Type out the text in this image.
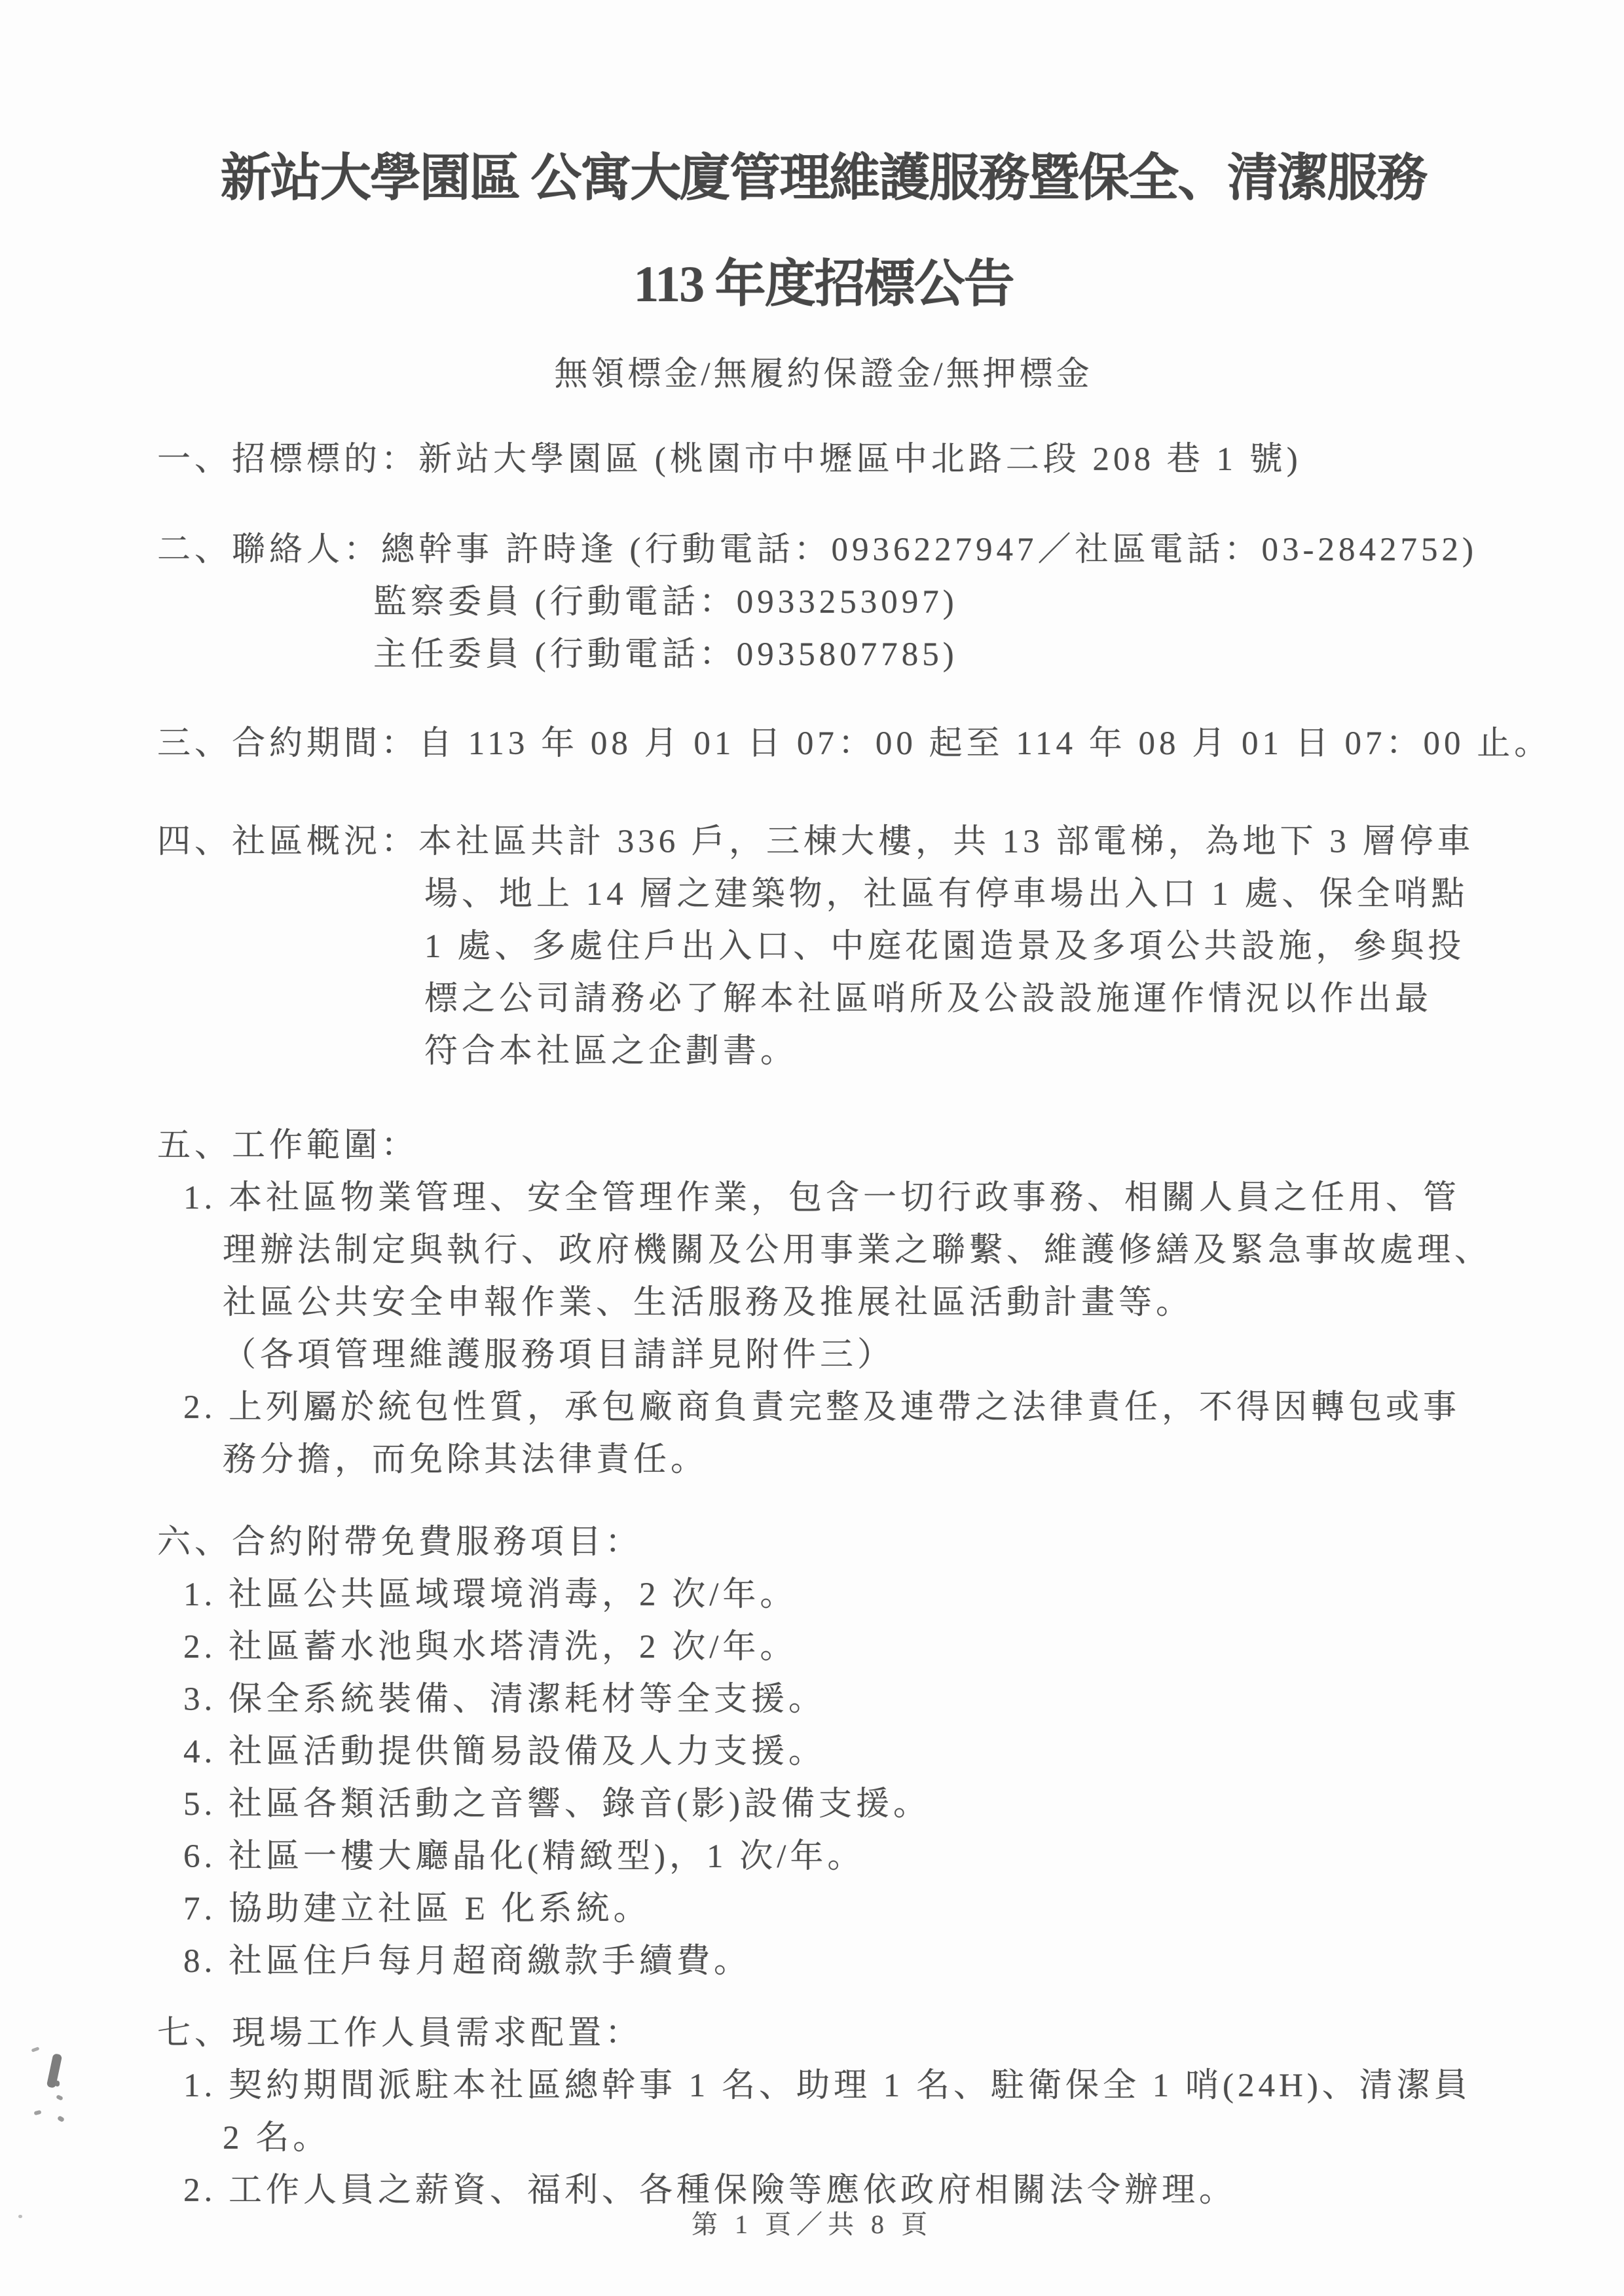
新站大學園區 公寓大廈管理維護服務暨保全、清潔服務
113 年度招標公告
無領標金/無履約保證金/無押標金
一、招標標的：新站大學園區 (桃園市中壢區中北路二段 208 巷 1 號)
二、聯絡人：總幹事 許時逢 (行動電話：0936227947／社區電話：03-2842752)
監察委員 (行動電話：0933253097)
主任委員 (行動電話：0935807785)
三、合約期間：自 113 年 08 月 01 日 07：00 起至 114 年 08 月 01 日 07：00 止。
四、社區概況：本社區共計 336 戶，三棟大樓，共 13 部電梯，為地下 3 層停車
場、地上 14 層之建築物，社區有停車場出入口 1 處、保全哨點
1 處、多處住戶出入口、中庭花園造景及多項公共設施，參與投
標之公司請務必了解本社區哨所及公設設施運作情況以作出最
符合本社區之企劃書。
五、工作範圍：
1. 本社區物業管理、安全管理作業，包含一切行政事務、相關人員之任用、管
理辦法制定與執行、政府機關及公用事業之聯繫、維護修繕及緊急事故處理、
社區公共安全申報作業、生活服務及推展社區活動計畫等。
（各項管理維護服務項目請詳見附件三）
2. 上列屬於統包性質，承包廠商負責完整及連帶之法律責任，不得因轉包或事
務分擔，而免除其法律責任。
六、合約附帶免費服務項目：
1. 社區公共區域環境消毒，2 次/年。
2. 社區蓄水池與水塔清洗，2 次/年。
3. 保全系統裝備、清潔耗材等全支援。
4. 社區活動提供簡易設備及人力支援。
5. 社區各類活動之音響、錄音(影)設備支援。
6. 社區一樓大廳晶化(精緻型)，1 次/年。
7. 協助建立社區 E 化系統。
8. 社區住戶每月超商繳款手續費。
七、現場工作人員需求配置：
1. 契約期間派駐本社區總幹事 1 名、助理 1 名、駐衛保全 1 哨(24H)、清潔員
2 名。
2. 工作人員之薪資、福利、各種保險等應依政府相關法令辦理。
第 1 頁／共 8 頁
